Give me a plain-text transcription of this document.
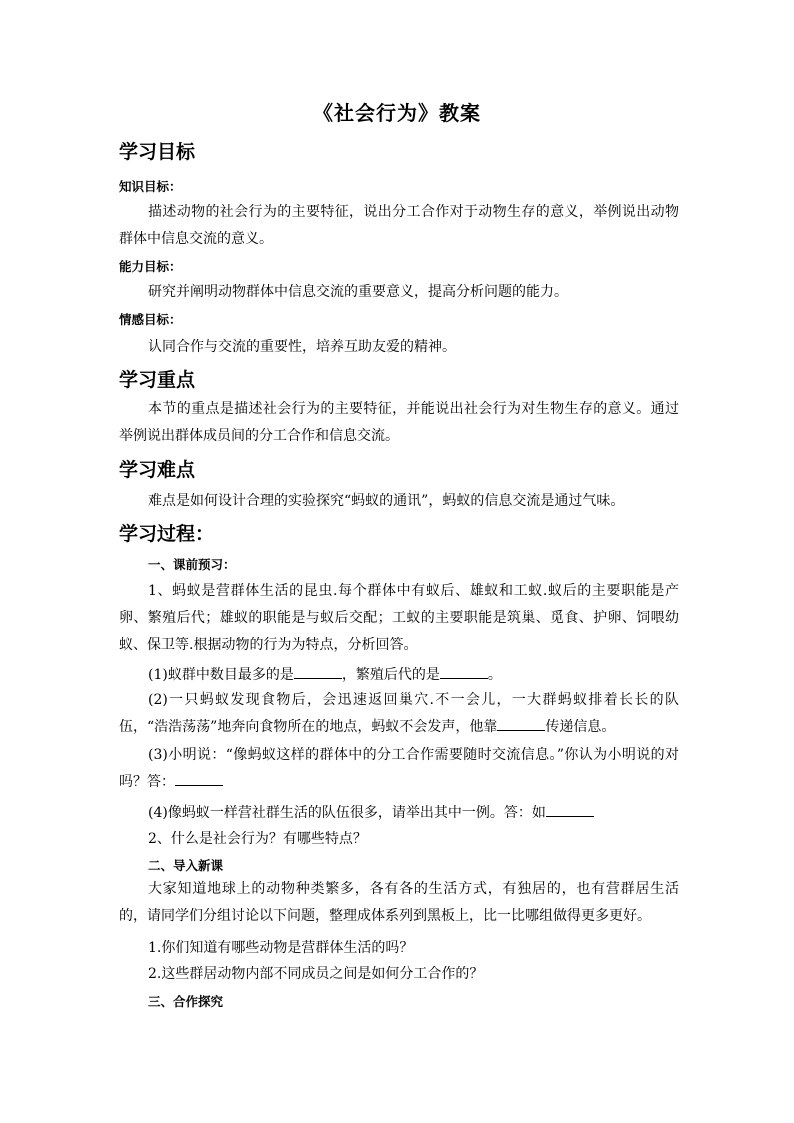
《社会行为》教案
学习目标
知识目标：
描述动物的社会行为的主要特征，说出分工合作对于动物生存的意义，举例说出动物群体中信息交流的意义。
能力目标：
研究并阐明动物群体中信息交流的重要意义，提高分析问题的能力。
情感目标：
认同合作与交流的重要性，培养互助友爱的精神。
学习重点
本节的重点是描述社会行为的主要特征，并能说出社会行为对生物生存的意义。通过举例说出群体成员间的分工合作和信息交流。
学习难点
难点是如何设计合理的实验探究“蚂蚁的通讯”，蚂蚁的信息交流是通过气味。
学习过程：
一、课前预习：
1、蚂蚁是营群体生活的昆虫.每个群体中有蚁后、雄蚁和工蚁.蚁后的主要职能是产卵、繁殖后代；雄蚁的职能是与蚁后交配；工蚁的主要职能是筑巢、觅食、护卵、饲喂幼蚁、保卫等.根据动物的行为为特点，分析回答。
(1)蚁群中数目最多的是	，繁殖后代的是	。
(2)一只蚂蚁发现食物后，会迅速返回巢穴.不一会儿，一大群蚂蚁排着长长的队伍，“浩浩荡荡”地奔向食物所在的地点，蚂蚁不会发声，他靠	传递信息。
(3)小明说：“像蚂蚁这样的群体中的分工合作需要随时交流信息。”你认为小明说的对吗？答：
(4)像蚂蚁一样营社群生活的队伍很多，请举出其中一例。答：如
2、什么是社会行为？有哪些特点？
二、导入新课
大家知道地球上的动物种类繁多，各有各的生活方式，有独居的，也有营群居生活的，请同学们分组讨论以下问题，整理成体系列到黑板上，比一比哪组做得更多更好。
1.你们知道有哪些动物是营群体生活的吗？
2.这些群居动物内部不同成员之间是如何分工合作的？
三、合作探究
